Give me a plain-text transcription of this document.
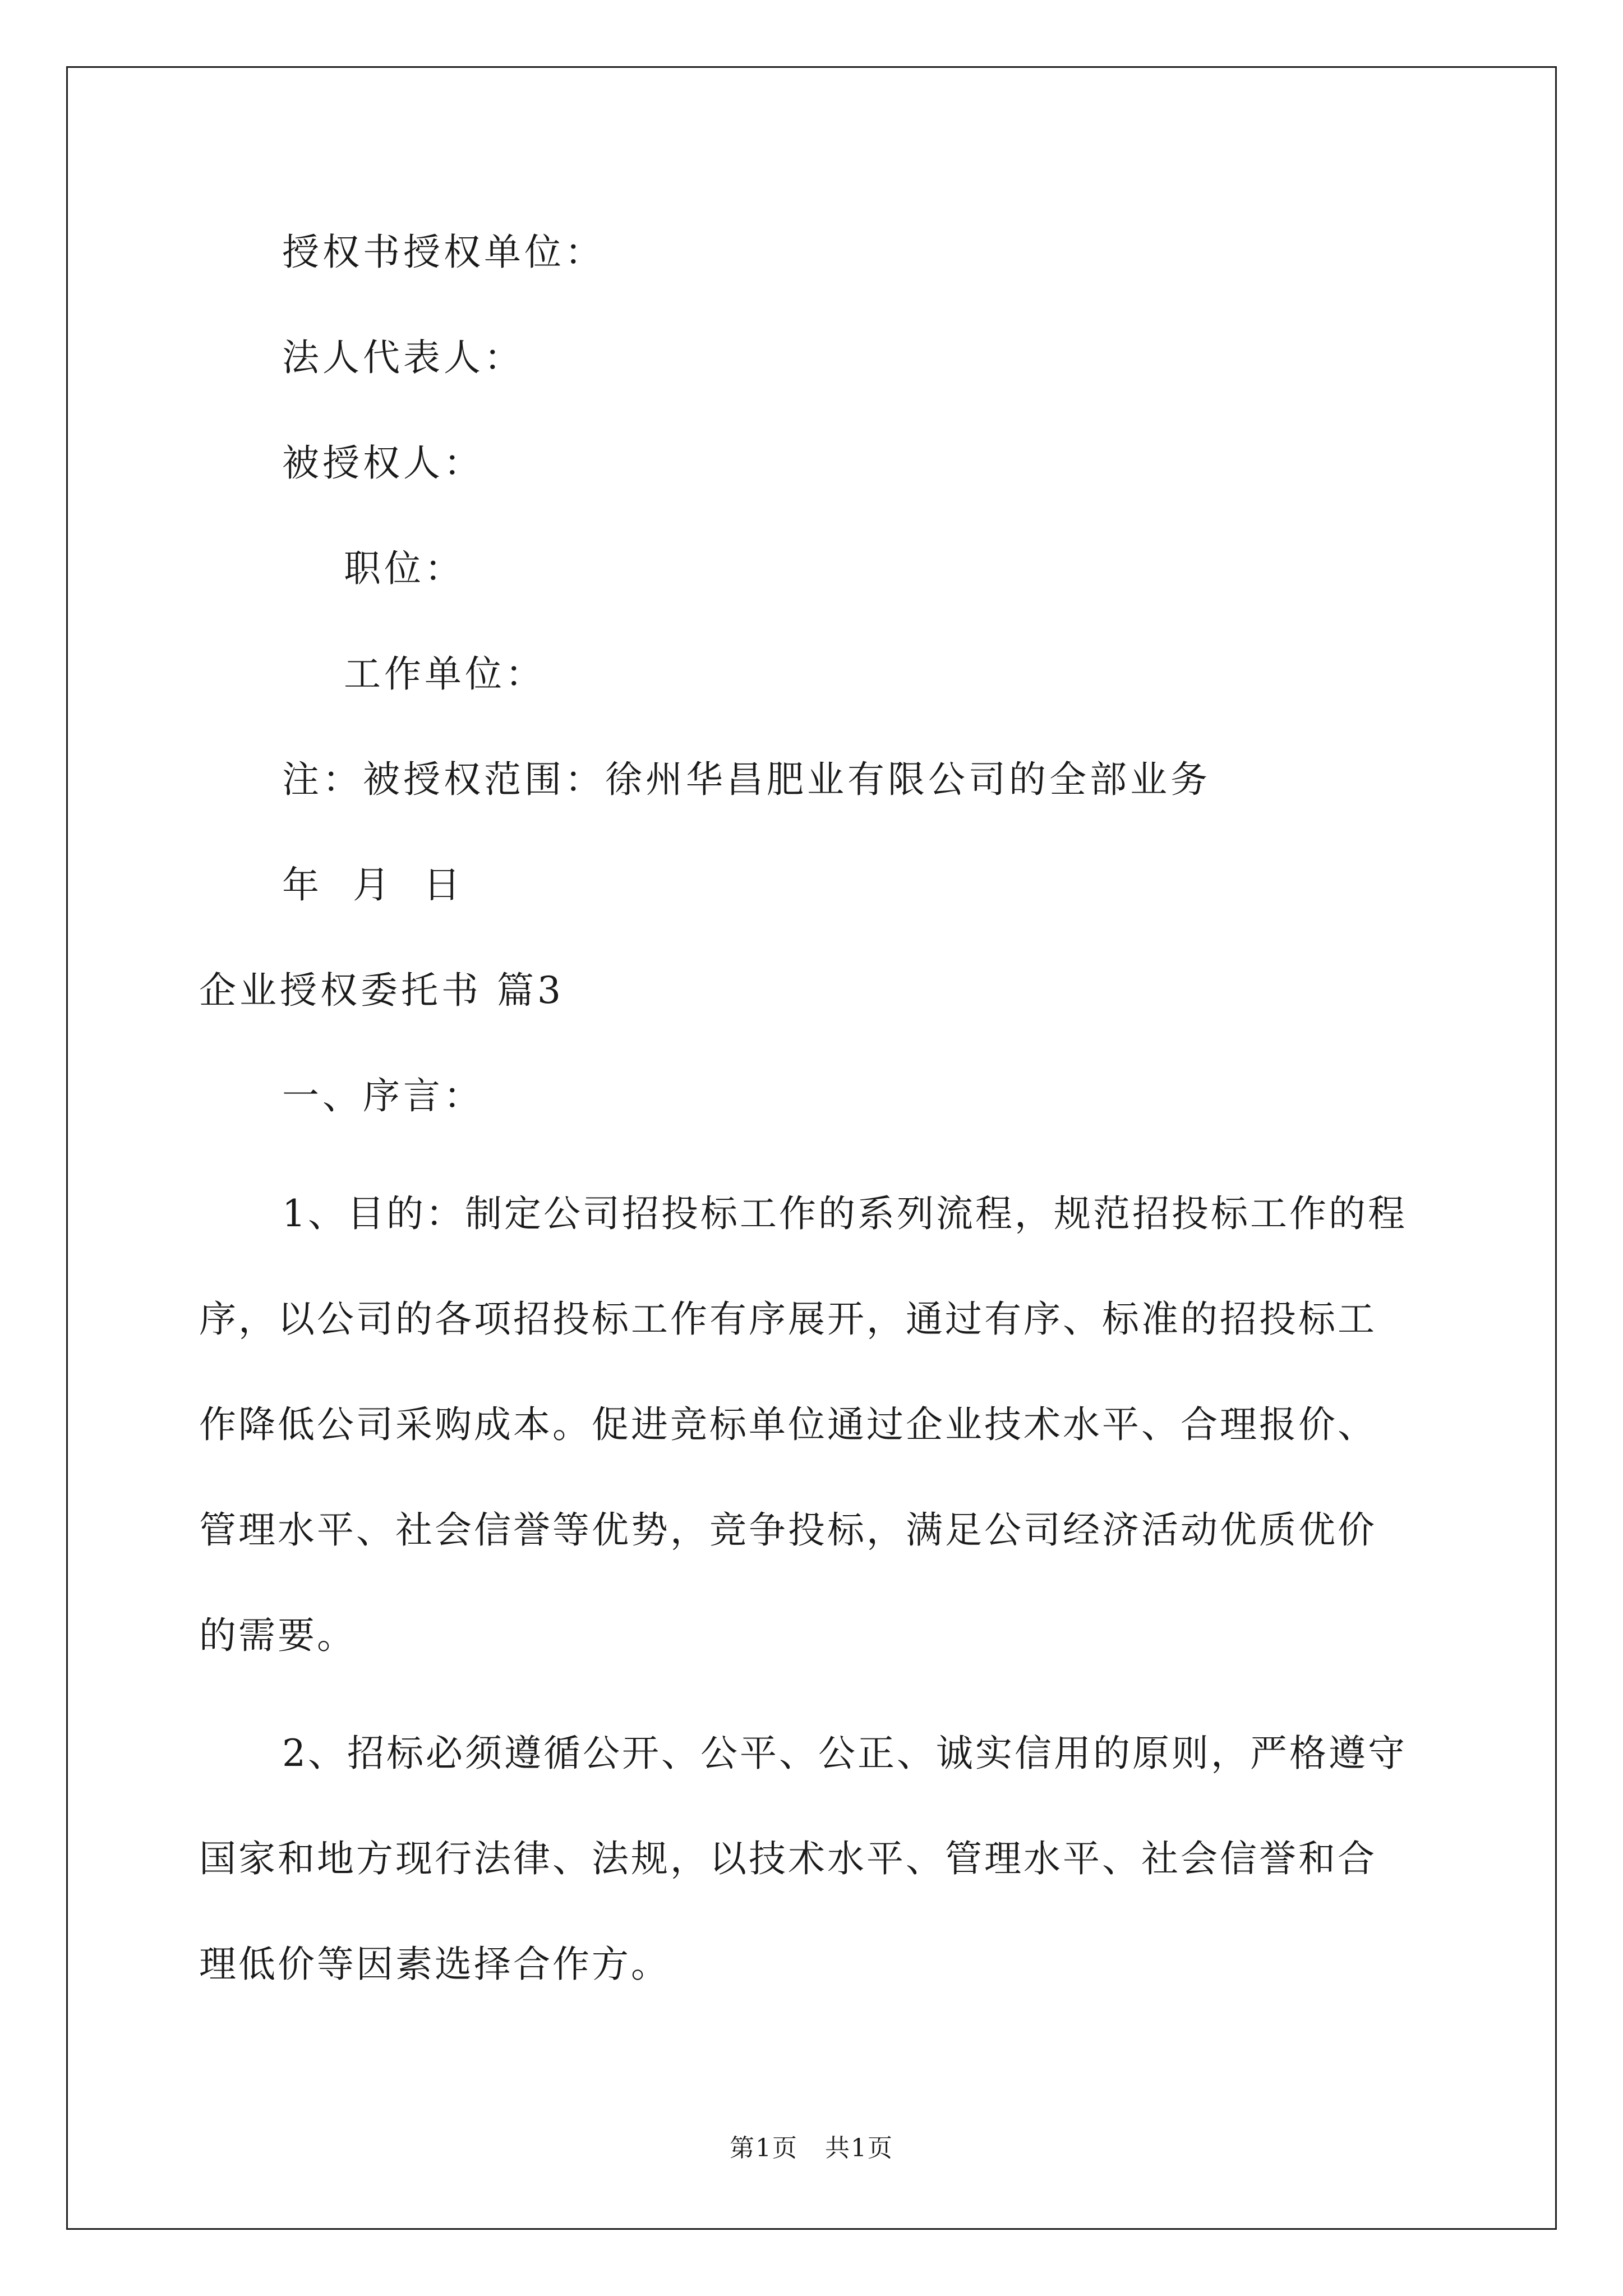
授权书授权单位：
法人代表人：
被授权人：
职位：
工作单位：
注：被授权范围：徐州华昌肥业有限公司的全部业务
年  月  日
企业授权委托书 篇3
一、序言：
1、目的：制定公司招投标工作的系列流程，规范招投标工作的程
序，以公司的各项招投标工作有序展开，通过有序、标准的招投标工
作降低公司采购成本。促进竞标单位通过企业技术水平、合理报价、
管理水平、社会信誉等优势，竞争投标，满足公司经济活动优质优价
的需要。
2、招标必须遵循公开、公平、公正、诚实信用的原则，严格遵守
国家和地方现行法律、法规，以技术水平、管理水平、社会信誉和合
理低价等因素选择合作方。
第1页 共1页
